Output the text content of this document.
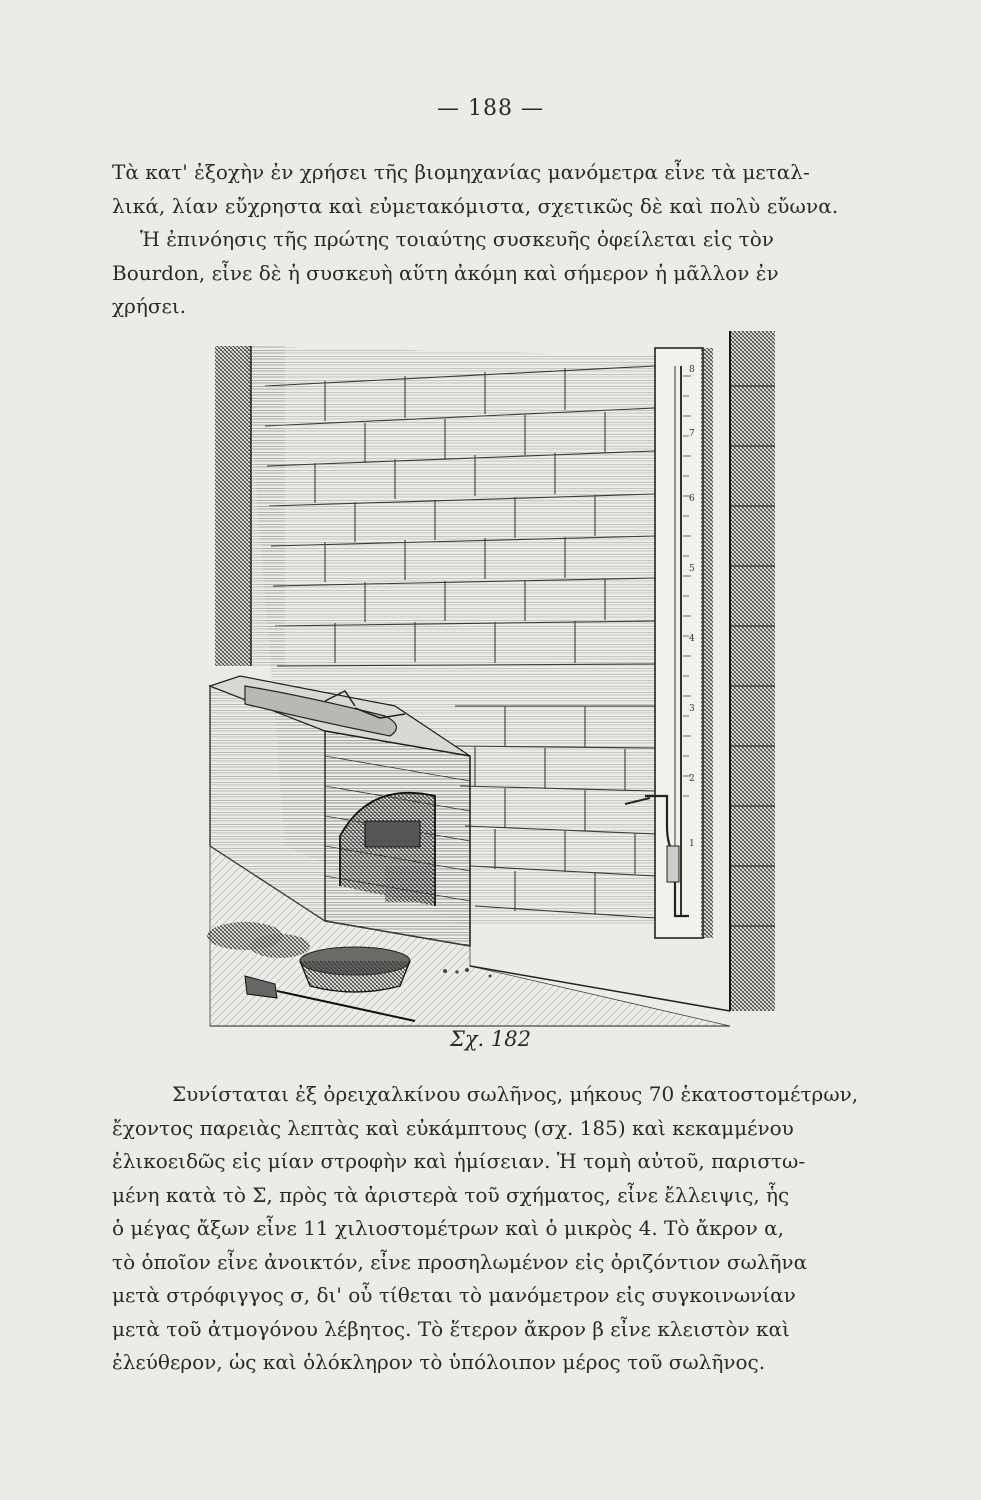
— 188 —
Τὰ κατ' ἐξοχὴν ἐν χρήσει τῆς βιομηχανίας μανόμετρα εἶνε τὰ μεταλ-
λικά, λίαν εὔχρηστα καὶ εὐμετακόμιστα, σχετικῶς δὲ καὶ πολὺ εὔωνα.
Ἡ ἐπινόησις τῆς πρώτης τοιαύτης συσκευῆς ὀφείλεται εἰς τὸν
Bourdon, εἶνε δὲ ἡ συσκευὴ αὕτη ἀκόμη καὶ σήμερον ἡ μᾶλλον ἐν
χρήσει.
8
7
6
5
4
3
2
1
Σχ. 182
Συνίσταται ἐξ ὀρειχαλκίνου σωλῆνος, μήκους 70 ἑκατοστομέτρων,
ἔχοντος παρειὰς λεπτὰς καὶ εὐκάμπτους (σχ. 185) καὶ κεκαμμένου
ἑλικοειδῶς εἰς μίαν στροφὴν καὶ ἡμίσειαν. Ἡ τομὴ αὐτοῦ, παριστω-
μένη κατὰ τὸ Σ, πρὸς τὰ ἀριστερὰ τοῦ σχήματος, εἶνε ἔλλειψις, ἧς
ὁ μέγας ἄξων εἶνε 11 χιλιοστομέτρων καὶ ὁ μικρὸς 4. Τὸ ἄκρον α,
τὸ ὁποῖον εἶνε ἀνοικτόν, εἶνε προσηλωμένον εἰς ὁριζόντιον σωλῆνα
μετὰ στρόφιγγος σ, δι' οὗ τίθεται τὸ μανόμετρον εἰς συγκοινωνίαν
μετὰ τοῦ ἀτμογόνου λέβητος. Τὸ ἕτερον ἄκρον β εἶνε κλειστὸν καὶ
ἐλεύθερον, ὡς καὶ ὁλόκληρον τὸ ὑπόλοιπον μέρος τοῦ σωλῆνος.
